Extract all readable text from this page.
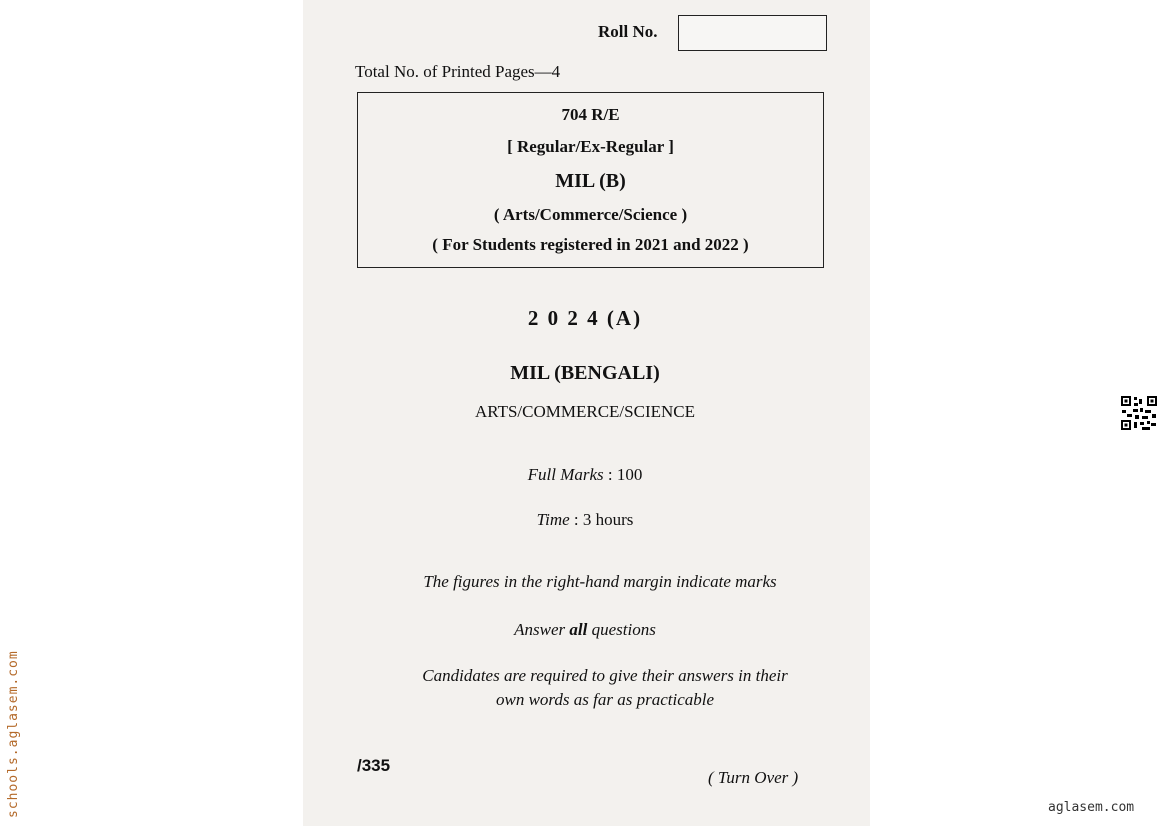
Roll No.
Total No. of Printed Pages—4
704 R/E
[ Regular/Ex-Regular ]
MIL (B)
( Arts/Commerce/Science )
( For Students registered in 2021 and 2022 )
2 0 2 4 (A)
MIL (BENGALI)
ARTS/COMMERCE/SCIENCE
Full Marks : 100
Time : 3 hours
The figures in the right-hand margin indicate marks
Answer all questions
Candidates are required to give their answers in their
own words as far as practicable
/335
( Turn Over )
schools.aglasem.com	aglasem.com
